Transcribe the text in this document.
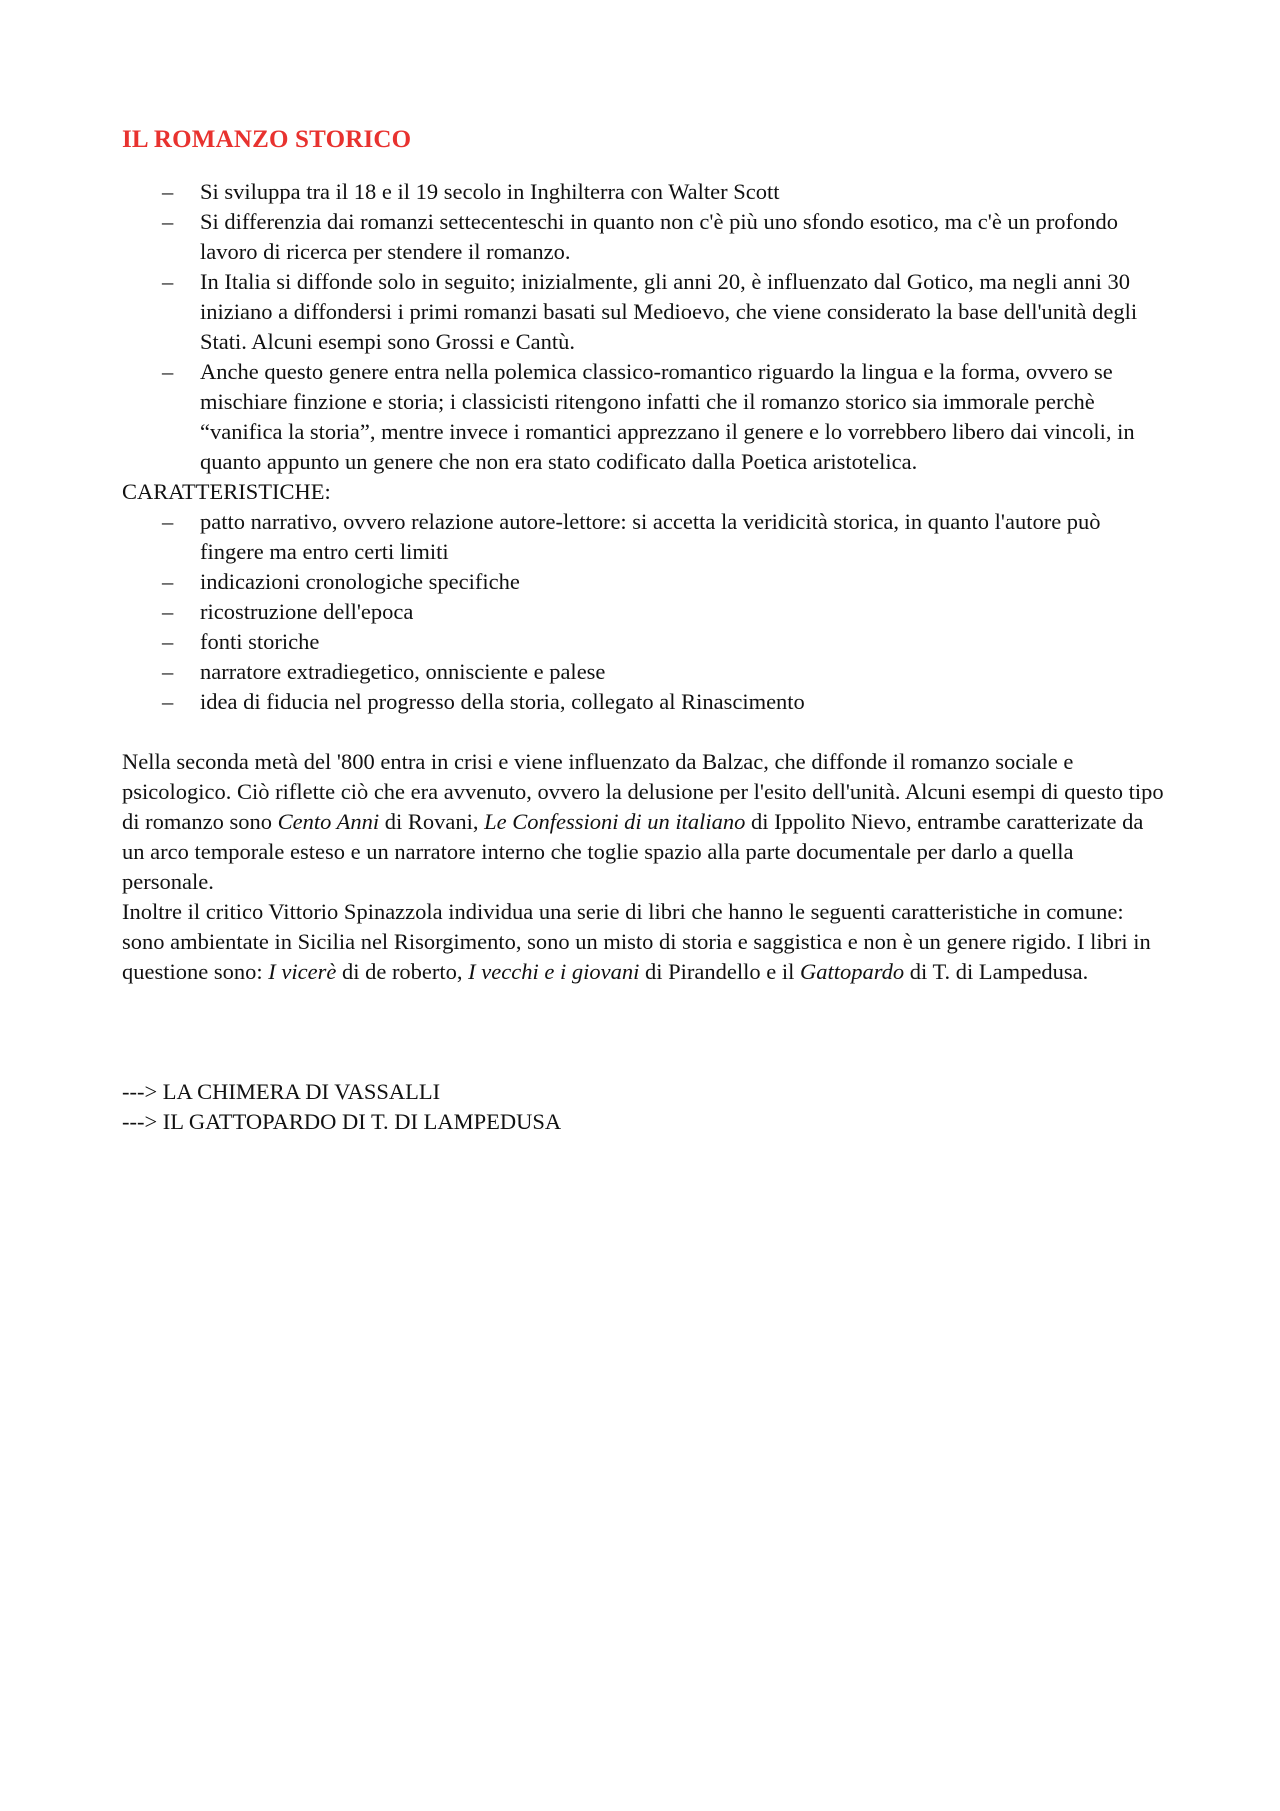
IL ROMANZO STORICO
– Si sviluppa tra il 18 e il 19 secolo in Inghilterra con Walter Scott
– Si differenzia dai romanzi settecenteschi in quanto non c'è più uno sfondo esotico, ma c'è un profondo lavoro di ricerca per stendere il romanzo.
– In Italia si diffonde solo in seguito; inizialmente, gli anni 20, è influenzato dal Gotico, ma negli anni 30 iniziano a diffondersi i primi romanzi basati sul Medioevo, che viene considerato la base dell'unità degli Stati. Alcuni esempi sono Grossi e Cantù.
– Anche questo genere entra nella polemica classico-romantico riguardo la lingua e la forma, ovvero se mischiare finzione e storia; i classicisti ritengono infatti che il romanzo storico sia immorale perchè “vanifica la storia”, mentre invece i romantici apprezzano il genere e lo vorrebbero libero dai vincoli, in quanto appunto un genere che non era stato codificato dalla Poetica aristotelica.
CARATTERISTICHE:
– patto narrativo, ovvero relazione autore-lettore: si accetta la veridicità storica, in quanto l'autore può fingere ma entro certi limiti
– indicazioni cronologiche specifiche
– ricostruzione dell'epoca
– fonti storiche
– narratore extradiegetico, onnisciente e palese
– idea di fiducia nel progresso della storia, collegato al Rinascimento

Nella seconda metà del '800 entra in crisi e viene influenzato da Balzac, che diffonde il romanzo sociale e psicologico. Ciò riflette ciò che era avvenuto, ovvero la delusione per l'esito dell'unità. Alcuni esempi di questo tipo di romanzo sono Cento Anni di Rovani, Le Confessioni di un italiano di Ippolito Nievo, entrambe caratterizate da un arco temporale esteso e un narratore interno che toglie spazio alla parte documentale per darlo a quella personale.

Inoltre il critico Vittorio Spinazzola individua una serie di libri che hanno le seguenti caratteristiche in comune: sono ambientate in Sicilia nel Risorgimento, sono un misto di storia e saggistica e non è un genere rigido. I libri in questione sono: I vicerè di de roberto, I vecchi e i giovani di Pirandello e il Gattopardo di T. di Lampedusa.

---> LA CHIMERA DI VASSALLI
---> IL GATTOPARDO DI T. DI LAMPEDUSA
